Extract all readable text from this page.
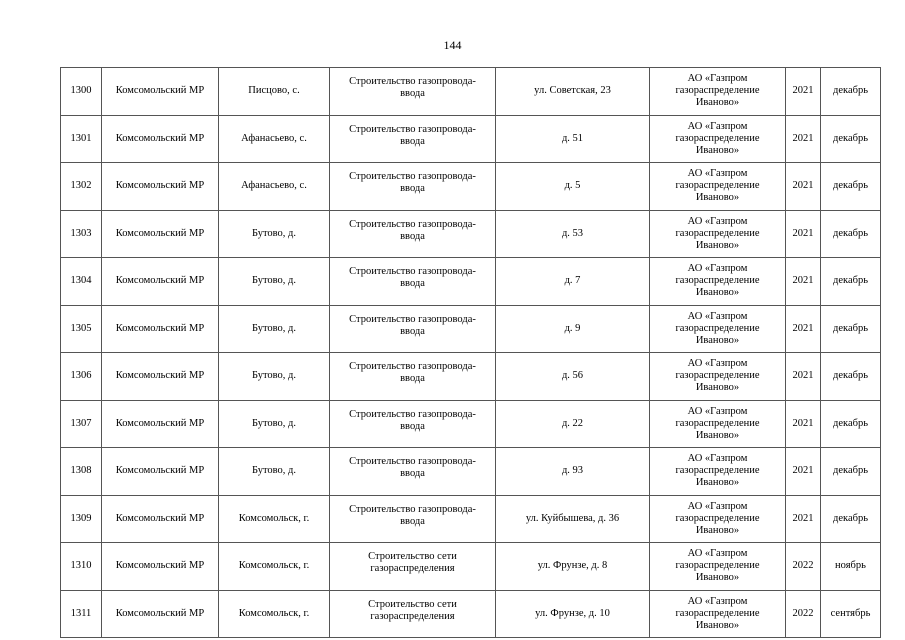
144
1300	Комсомольский МР	Писцово, с.	Строительство газопровода-
ввода	ул. Советская, 23	АО «Газпром
газораспределение
Иваново»	2021	декабрь
1301	Комсомольский МР	Афанасьево, с.	Строительство газопровода-
ввода	д. 51	АО «Газпром
газораспределение
Иваново»	2021	декабрь
1302	Комсомольский МР	Афанасьево, с.	Строительство газопровода-
ввода	д. 5	АО «Газпром
газораспределение
Иваново»	2021	декабрь
1303	Комсомольский МР	Бутово, д.	Строительство газопровода-
ввода	д. 53	АО «Газпром
газораспределение
Иваново»	2021	декабрь
1304	Комсомольский МР	Бутово, д.	Строительство газопровода-
ввода	д. 7	АО «Газпром
газораспределение
Иваново»	2021	декабрь
1305	Комсомольский МР	Бутово, д.	Строительство газопровода-
ввода	д. 9	АО «Газпром
газораспределение
Иваново»	2021	декабрь
1306	Комсомольский МР	Бутово, д.	Строительство газопровода-
ввода	д. 56	АО «Газпром
газораспределение
Иваново»	2021	декабрь
1307	Комсомольский МР	Бутово, д.	Строительство газопровода-
ввода	д. 22	АО «Газпром
газораспределение
Иваново»	2021	декабрь
1308	Комсомольский МР	Бутово, д.	Строительство газопровода-
ввода	д. 93	АО «Газпром
газораспределение
Иваново»	2021	декабрь
1309	Комсомольский МР	Комсомольск, г.	Строительство газопровода-
ввода	ул. Куйбышева, д. 36	АО «Газпром
газораспределение
Иваново»	2021	декабрь
1310	Комсомольский МР	Комсомольск, г.	Строительство сети
газораспределения	ул. Фрунзе, д. 8	АО «Газпром
газораспределение
Иваново»	2022	ноябрь
1311	Комсомольский МР	Комсомольск, г.	Строительство сети
газораспределения	ул. Фрунзе, д. 10	АО «Газпром
газораспределение
Иваново»	2022	сентябрь
